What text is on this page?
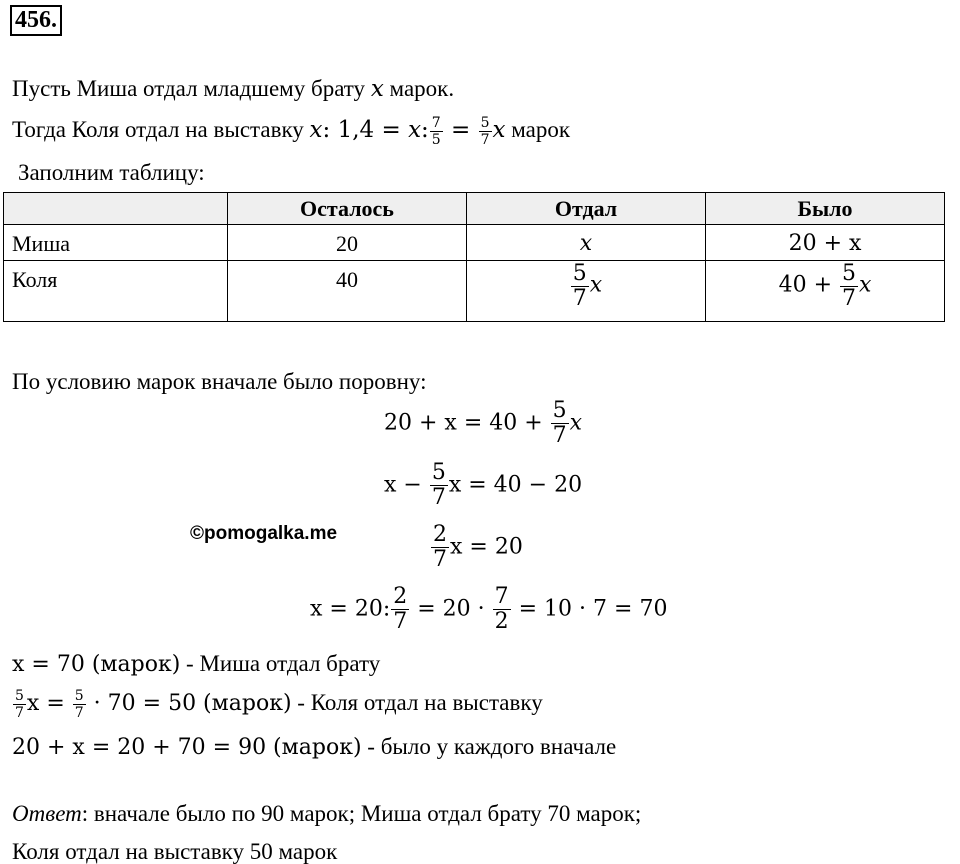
456.
Пусть Миша отдал младшему брату x марок.
Тогда Коля отдал на выставку x: 1,4 = x: $\frac{7}{5} = \frac{5}{7}$ x марок
Заполним таблицу:
	Осталось	Отдал	Было
Миша	20	x	20 + x
Коля	40	$\frac{5}{7}$ x	$40 + \frac{5}{7}$ x
По условию марок вначале было поровну:
$20 + x = 40 + \frac{5}{7}$ x
$x - \frac{5}{7}$ x = 40 − 20
©pomogalka.me	$\frac{2}{7}$ x = 20
x = 20: $\frac{2}{7} = 20 \cdot \frac{7}{2} = 10 \cdot 7 = 70$
x = 70 (марок) - Миша отдал брату
$\frac{5}{7}$ $x = \frac{5}{7} \cdot 70 = 50$ (марок) - Коля отдал на выставку
20 + x = 20 + 70 = 90 (марок) - было у каждого вначале
Ответ: вначале было по 90 марок; Миша отдал брату 70 марок;
Коля отдал на выставку 50 марок
